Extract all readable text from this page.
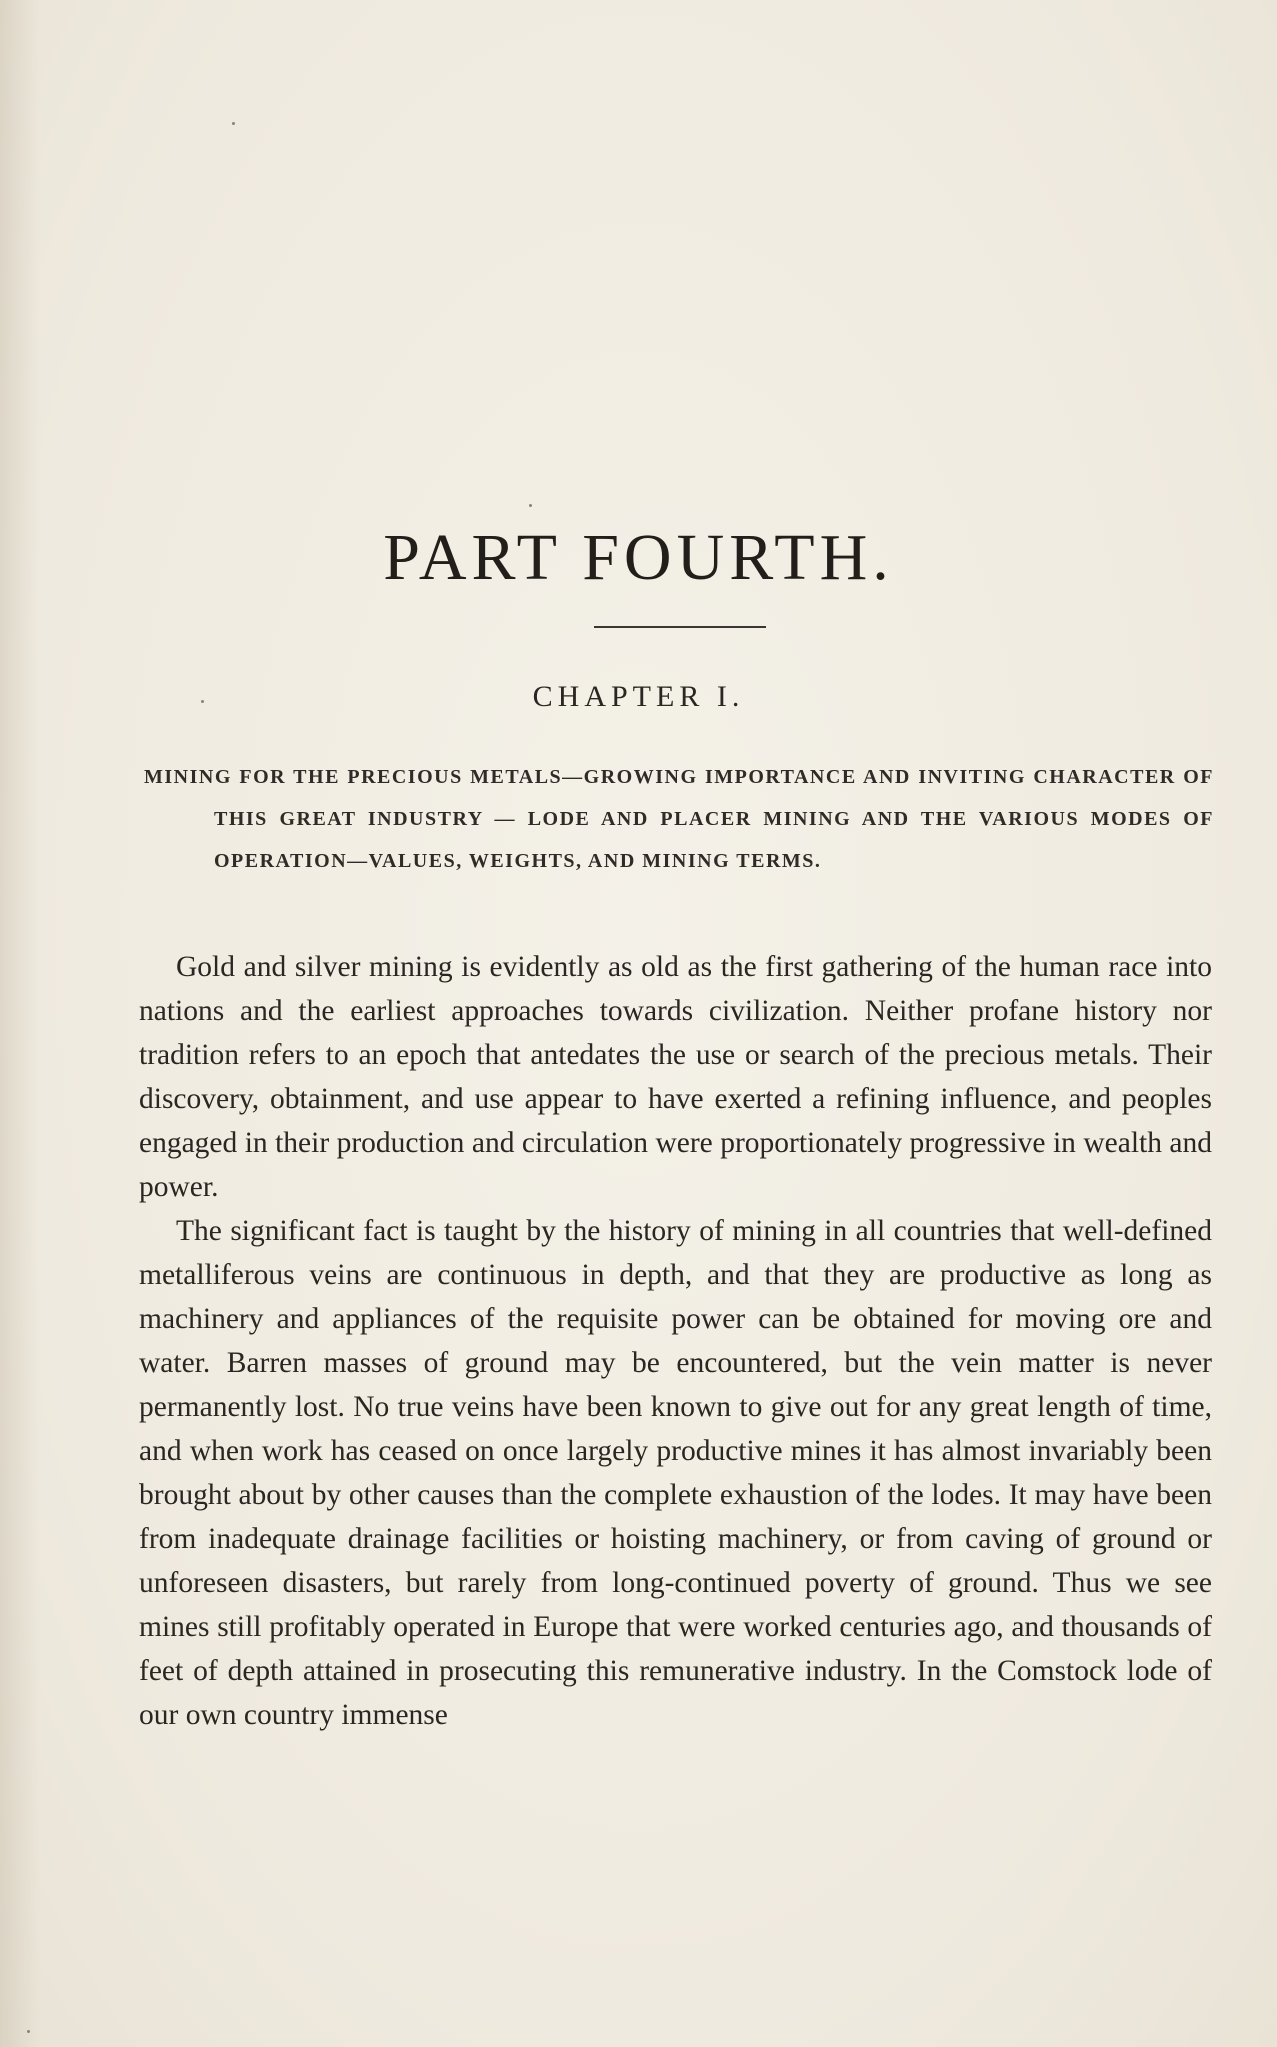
PART FOURTH.
CHAPTER I.

MINING FOR THE PRECIOUS METALS—GROWING IMPORTANCE AND INVITING CHARACTER OF THIS GREAT INDUSTRY — LODE AND PLACER MINING AND THE VARIOUS MODES OF OPERATION—VALUES, WEIGHTS, AND MINING TERMS.

Gold and silver mining is evidently as old as the first gathering of the human race into nations and the earliest approaches towards civilization. Neither profane history nor tradition refers to an epoch that antedates the use or search of the precious metals. Their discovery, obtainment, and use appear to have exerted a refining influence, and peoples engaged in their production and circulation were proportionately progressive in wealth and power.

The significant fact is taught by the history of mining in all countries that well-defined metalliferous veins are continuous in depth, and that they are productive as long as machinery and appliances of the requisite power can be obtained for moving ore and water. Barren masses of ground may be encountered, but the vein matter is never permanently lost. No true veins have been known to give out for any great length of time, and when work has ceased on once largely productive mines it has almost invariably been brought about by other causes than the complete exhaustion of the lodes. It may have been from inadequate drainage facilities or hoisting machinery, or from caving of ground or unforeseen disasters, but rarely from long-continued poverty of ground. Thus we see mines still profitably operated in Europe that were worked centuries ago, and thousands of feet of depth attained in prosecuting this remunerative industry. In the Comstock lode of our own country immense
